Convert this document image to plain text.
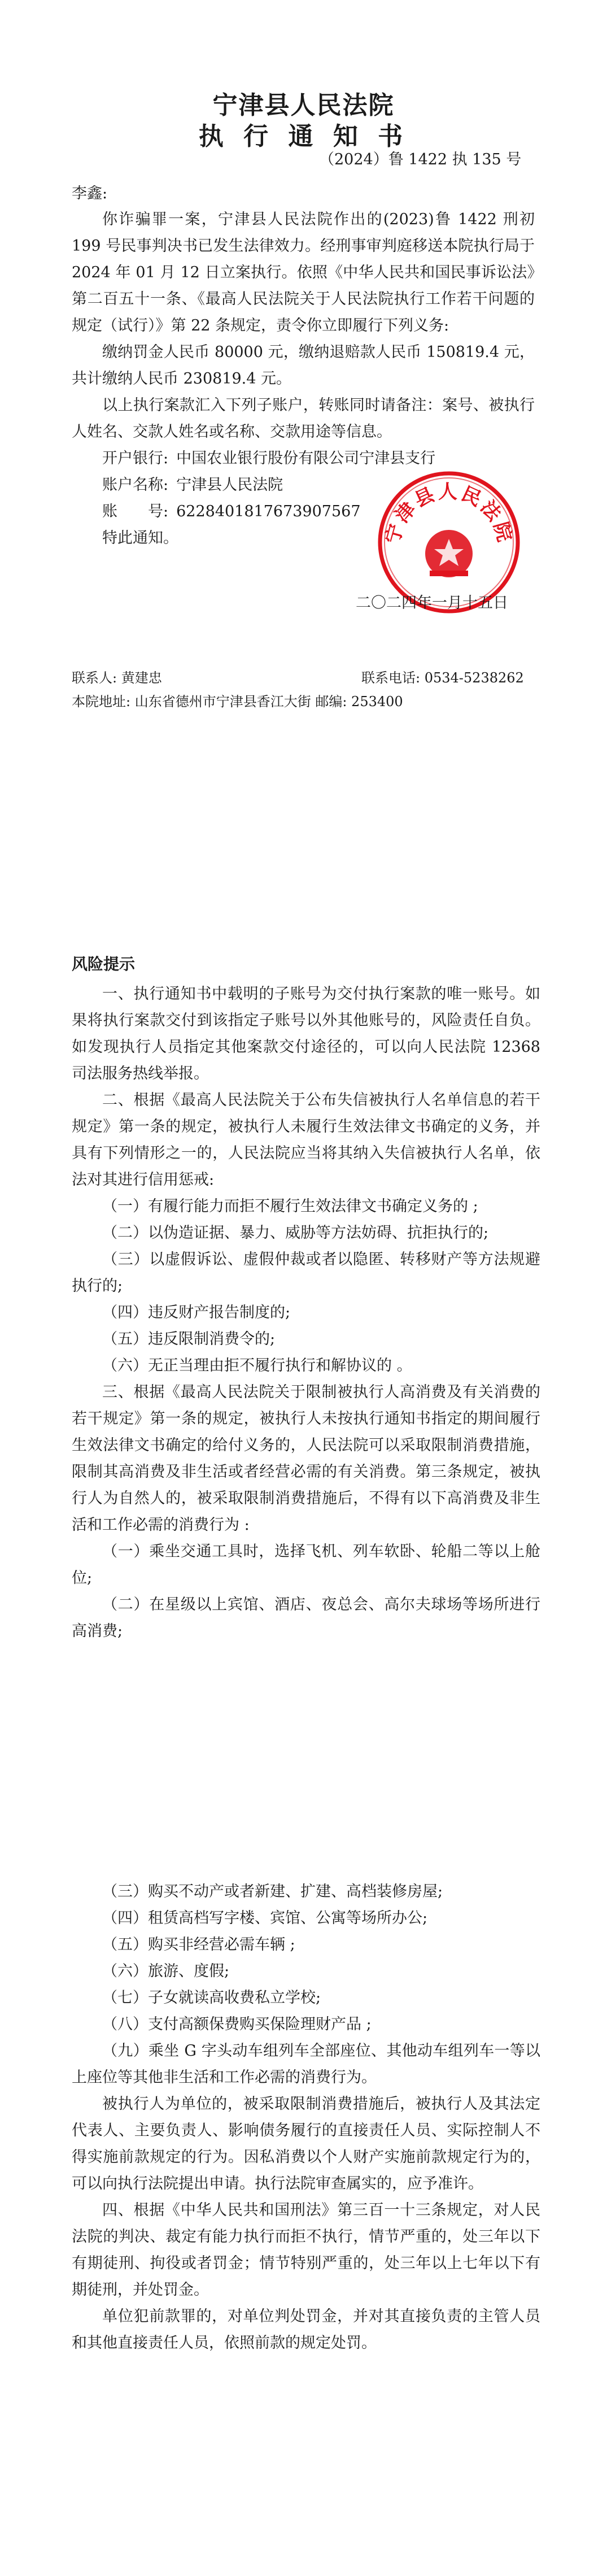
宁津县人民法院
执 行 通 知 书
（2024）鲁 1422 执 135 号
李鑫:

你诈骗罪一案，宁津县人民法院作出的(2023)鲁 1422 刑初 199 号民事判决书已发生法律效力。经刑事审判庭移送本院执行局于 2024 年 01 月 12 日立案执行。依照《中华人民共和国民事诉讼法》第二百五十一条、《最高人民法院关于人民法院执行工作若干问题的规定（试行）》第 22 条规定，责令你立即履行下列义务:

缴纳罚金人民币 80000 元，缴纳退赔款人民币 150819.4 元，共计缴纳人民币 230819.4 元。

以上执行案款汇入下列子账户，转账同时请备注：案号、被执行人姓名、交款人姓名或名称、交款用途等信息。

开户银行: 中国农业银行股份有限公司宁津县支行

账户名称: 宁津县人民法院

账　　号: 6228401817673907567

特此通知。	宁津县人民法院
二〇二四年一月十五日
联系人: 黄建忠	联系电话: 0534-5238262
本院地址: 山东省德州市宁津县香江大街 邮编: 253400
风险提示

一、执行通知书中载明的子账号为交付执行案款的唯一账号。如果将执行案款交付到该指定子账号以外其他账号的，风险责任自负。如发现执行人员指定其他案款交付途径的，可以向人民法院 12368 司法服务热线举报。

二、根据《最高人民法院关于公布失信被执行人名单信息的若干规定》第一条的规定，被执行人未履行生效法律文书确定的义务，并具有下列情形之一的，人民法院应当将其纳入失信被执行人名单，依法对其进行信用惩戒:

（一）有履行能力而拒不履行生效法律文书确定义务的 ;

（二）以伪造证据、暴力、威胁等方法妨碍、抗拒执行的;

（三）以虚假诉讼、虚假仲裁或者以隐匿、转移财产等方法规避执行的;

（四）违反财产报告制度的;

（五）违反限制消费令的;

（六）无正当理由拒不履行执行和解协议的 。

三、根据《最高人民法院关于限制被执行人高消费及有关消费的若干规定》第一条的规定，被执行人未按执行通知书指定的期间履行生效法律文书确定的给付义务的，人民法院可以采取限制消费措施，限制其高消费及非生活或者经营必需的有关消费。第三条规定，被执行人为自然人的，被采取限制消费措施后，不得有以下高消费及非生活和工作必需的消费行为 :

（一）乘坐交通工具时，选择飞机、列车软卧、轮船二等以上舱位;

（二）在星级以上宾馆、酒店、夜总会、高尔夫球场等场所进行高消费;

（三）购买不动产或者新建、扩建、高档装修房屋;

（四）租赁高档写字楼、宾馆、公寓等场所办公;

（五）购买非经营必需车辆 ;

（六）旅游、度假;

（七）子女就读高收费私立学校;

（八）支付高额保费购买保险理财产品 ;

（九）乘坐 G 字头动车组列车全部座位、其他动车组列车一等以上座位等其他非生活和工作必需的消费行为。

被执行人为单位的，被采取限制消费措施后，被执行人及其法定代表人、主要负责人、影响债务履行的直接责任人员、实际控制人不得实施前款规定的行为。因私消费以个人财产实施前款规定行为的，可以向执行法院提出申请。执行法院审查属实的，应予准许。

四、根据《中华人民共和国刑法》第三百一十三条规定，对人民法院的判决、裁定有能力执行而拒不执行，情节严重的，处三年以下有期徒刑、拘役或者罚金；情节特别严重的，处三年以上七年以下有期徒刑，并处罚金。

单位犯前款罪的，对单位判处罚金，并对其直接负责的主管人员和其他直接责任人员，依照前款的规定处罚。
